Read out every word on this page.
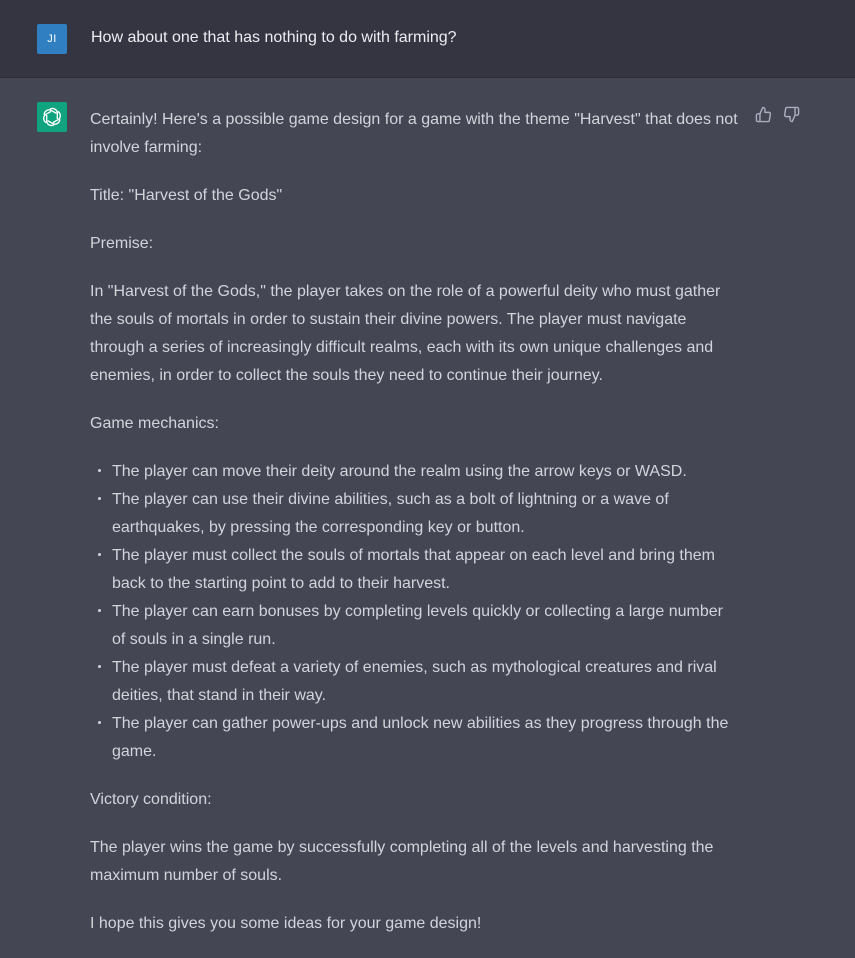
JI	How about one that has nothing to do with farming?

Certainly! Here's a possible game design for a game with the theme "Harvest" that does not involve farming:

Title: "Harvest of the Gods"

Premise:

In "Harvest of the Gods," the player takes on the role of a powerful deity who must gather the souls of mortals in order to sustain their divine powers. The player must navigate through a series of increasingly difficult realms, each with its own unique challenges and enemies, in order to collect the souls they need to continue their journey.

Game mechanics:

The player can move their deity around the realm using the arrow keys or WASD.
The player can use their divine abilities, such as a bolt of lightning or a wave of earthquakes, by pressing the corresponding key or button.
The player must collect the souls of mortals that appear on each level and bring them back to the starting point to add to their harvest.
The player can earn bonuses by completing levels quickly or collecting a large number of souls in a single run.
The player must defeat a variety of enemies, such as mythological creatures and rival deities, that stand in their way.
The player can gather power-ups and unlock new abilities as they progress through the game.

Victory condition:

The player wins the game by successfully completing all of the levels and harvesting the maximum number of souls.

I hope this gives you some ideas for your game design!
